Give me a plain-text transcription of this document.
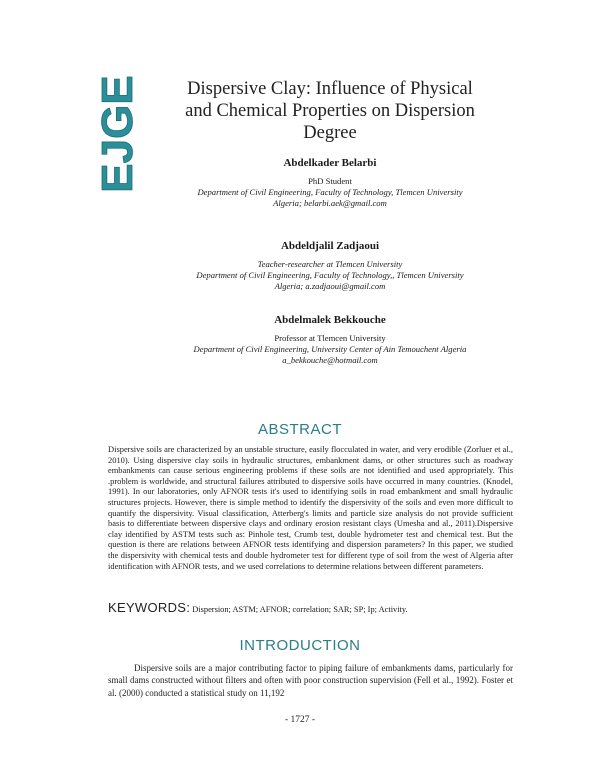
EJGE	Dispersive Clay: Influence of Physical and Chemical Properties on Dispersion Degree
Abdelkader Belarbi
PhD Student
Department of Civil Engineering, Faculty of Technology, Tlemcen University
Algeria; belarbi.aek@gmail.com
Abdeldjalil Zadjaoui
Teacher-researcher at Tlemcen University
Department of Civil Engineering, Faculty of Technology,, Tlemcen University
Algeria; a.zadjaoui@gmail.com
Abdelmalek Bekkouche
Professor at Tlemcen University
Department of Civil Engineering, University Center of Ain Temouchent Algeria
a_bekkouche@hotmail.com
ABSTRACT
Dispersive soils are characterized by an unstable structure, easily flocculated in water, and very erodible (Zorluer et al., 2010). Using dispersive clay soils in hydraulic structures, embankment dams, or other structures such as roadway embankments can cause serious engineering problems if these soils are not identified and used appropriately. This .problem is worldwide, and structural failures attributed to dispersive soils have occurred in many countries. (Knodel, 1991). In our laboratories, only AFNOR tests it's used to identifying soils in road embankment and small hydraulic structures projects. However, there is simple method to identify the dispersivity of the soils and even more difficult to quantify the dispersivity. Visual classification, Atterberg's limits and particle size analysis do not provide sufficient basis to differentiate between dispersive clays and ordinary erosion resistant clays (Umesha and al., 2011).Dispersive clay identified by ASTM tests such as: Pinhole test, Crumb test, double hydrometer test and chemical test. But the question is there are relations between AFNOR tests identifying and dispersion parameters? In this paper, we studied the dispersivity with chemical tests and double hydrometer test for different type of soil from the west of Algeria after identification with AFNOR tests, and we used correlations to determine relations between different parameters.
KEYWORDS: Dispersion; ASTM; AFNOR; correlation; SAR; SP; Ip; Activity.
INTRODUCTION
Dispersive soils are a major contributing factor to piping failure of embankments dams, particularly for small dams constructed without filters and often with poor construction supervision (Fell et al., 1992). Foster et al. (2000) conducted a statistical study on 11,192
- 1727 -
